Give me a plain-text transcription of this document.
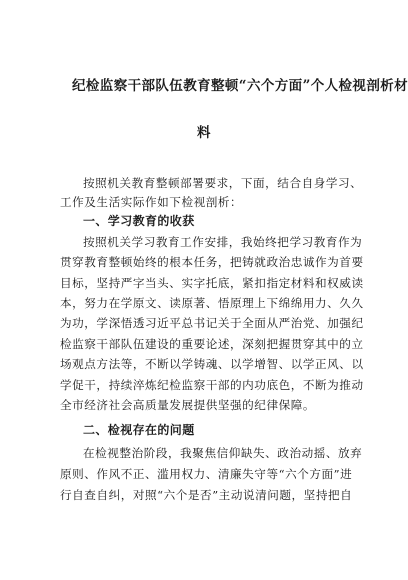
纪检监察干部队伍教育整顿“六个方面”个人检视剖析材
料
按照机关教育整顿部署要求，下面，结合自身学习、
工作及生活实际作如下检视剖析：
一、学习教育的收获
按照机关学习教育工作安排，我始终把学习教育作为
贯穿教育整顿始终的根本任务，把铸就政治忠诚作为首要
目标，坚持严字当头、实字托底，紧扣指定材料和权威读
本，努力在学原文、读原著、悟原理上下绵绵用力、久久
为功，学深悟透习近平总书记关于全面从严治党、加强纪
检监察干部队伍建设的重要论述，深刻把握贯穿其中的立
场观点方法等，不断以学铸魂、以学增智、以学正风、以
学促干，持续淬炼纪检监察干部的内功底色，不断为推动
全市经济社会高质量发展提供坚强的纪律保障。
二、检视存在的问题
在检视整治阶段，我聚焦信仰缺失、政治动摇、放弃
原则、作风不正、滥用权力、清廉失守等“六个方面”进
行自查自纠，对照“六个是否”主动说清问题，坚持把自
